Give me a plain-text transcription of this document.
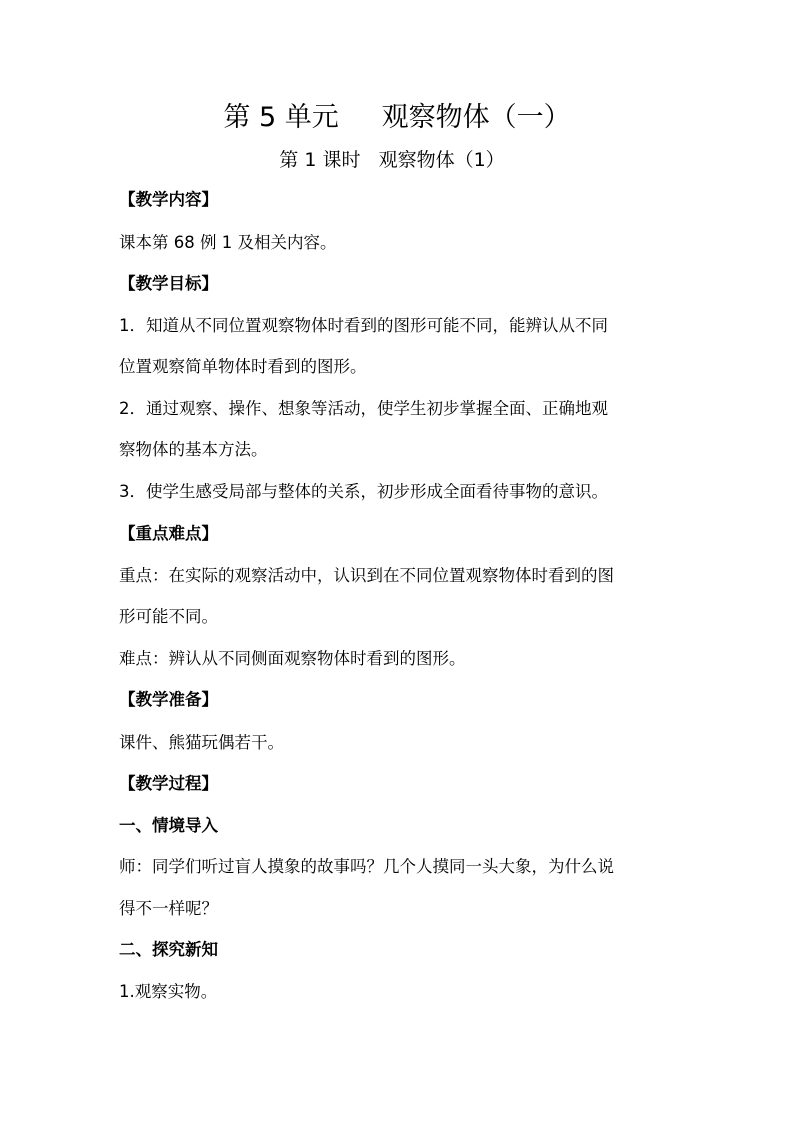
第 5 单元     观察物体（一）
第 1 课时   观察物体（1）
【教学内容】
课本第 68 例 1 及相关内容。
【教学目标】
1．知道从不同位置观察物体时看到的图形可能不同，能辨认从不同
位置观察简单物体时看到的图形。
2．通过观察、操作、想象等活动，使学生初步掌握全面、正确地观
察物体的基本方法。
3．使学生感受局部与整体的关系，初步形成全面看待事物的意识。
【重点难点】
重点：在实际的观察活动中，认识到在不同位置观察物体时看到的图
形可能不同。
难点：辨认从不同侧面观察物体时看到的图形。
【教学准备】
课件、熊猫玩偶若干。
【教学过程】
一、情境导入
师：同学们听过盲人摸象的故事吗？几个人摸同一头大象，为什么说
得不一样呢？
二、探究新知
1.观察实物。
